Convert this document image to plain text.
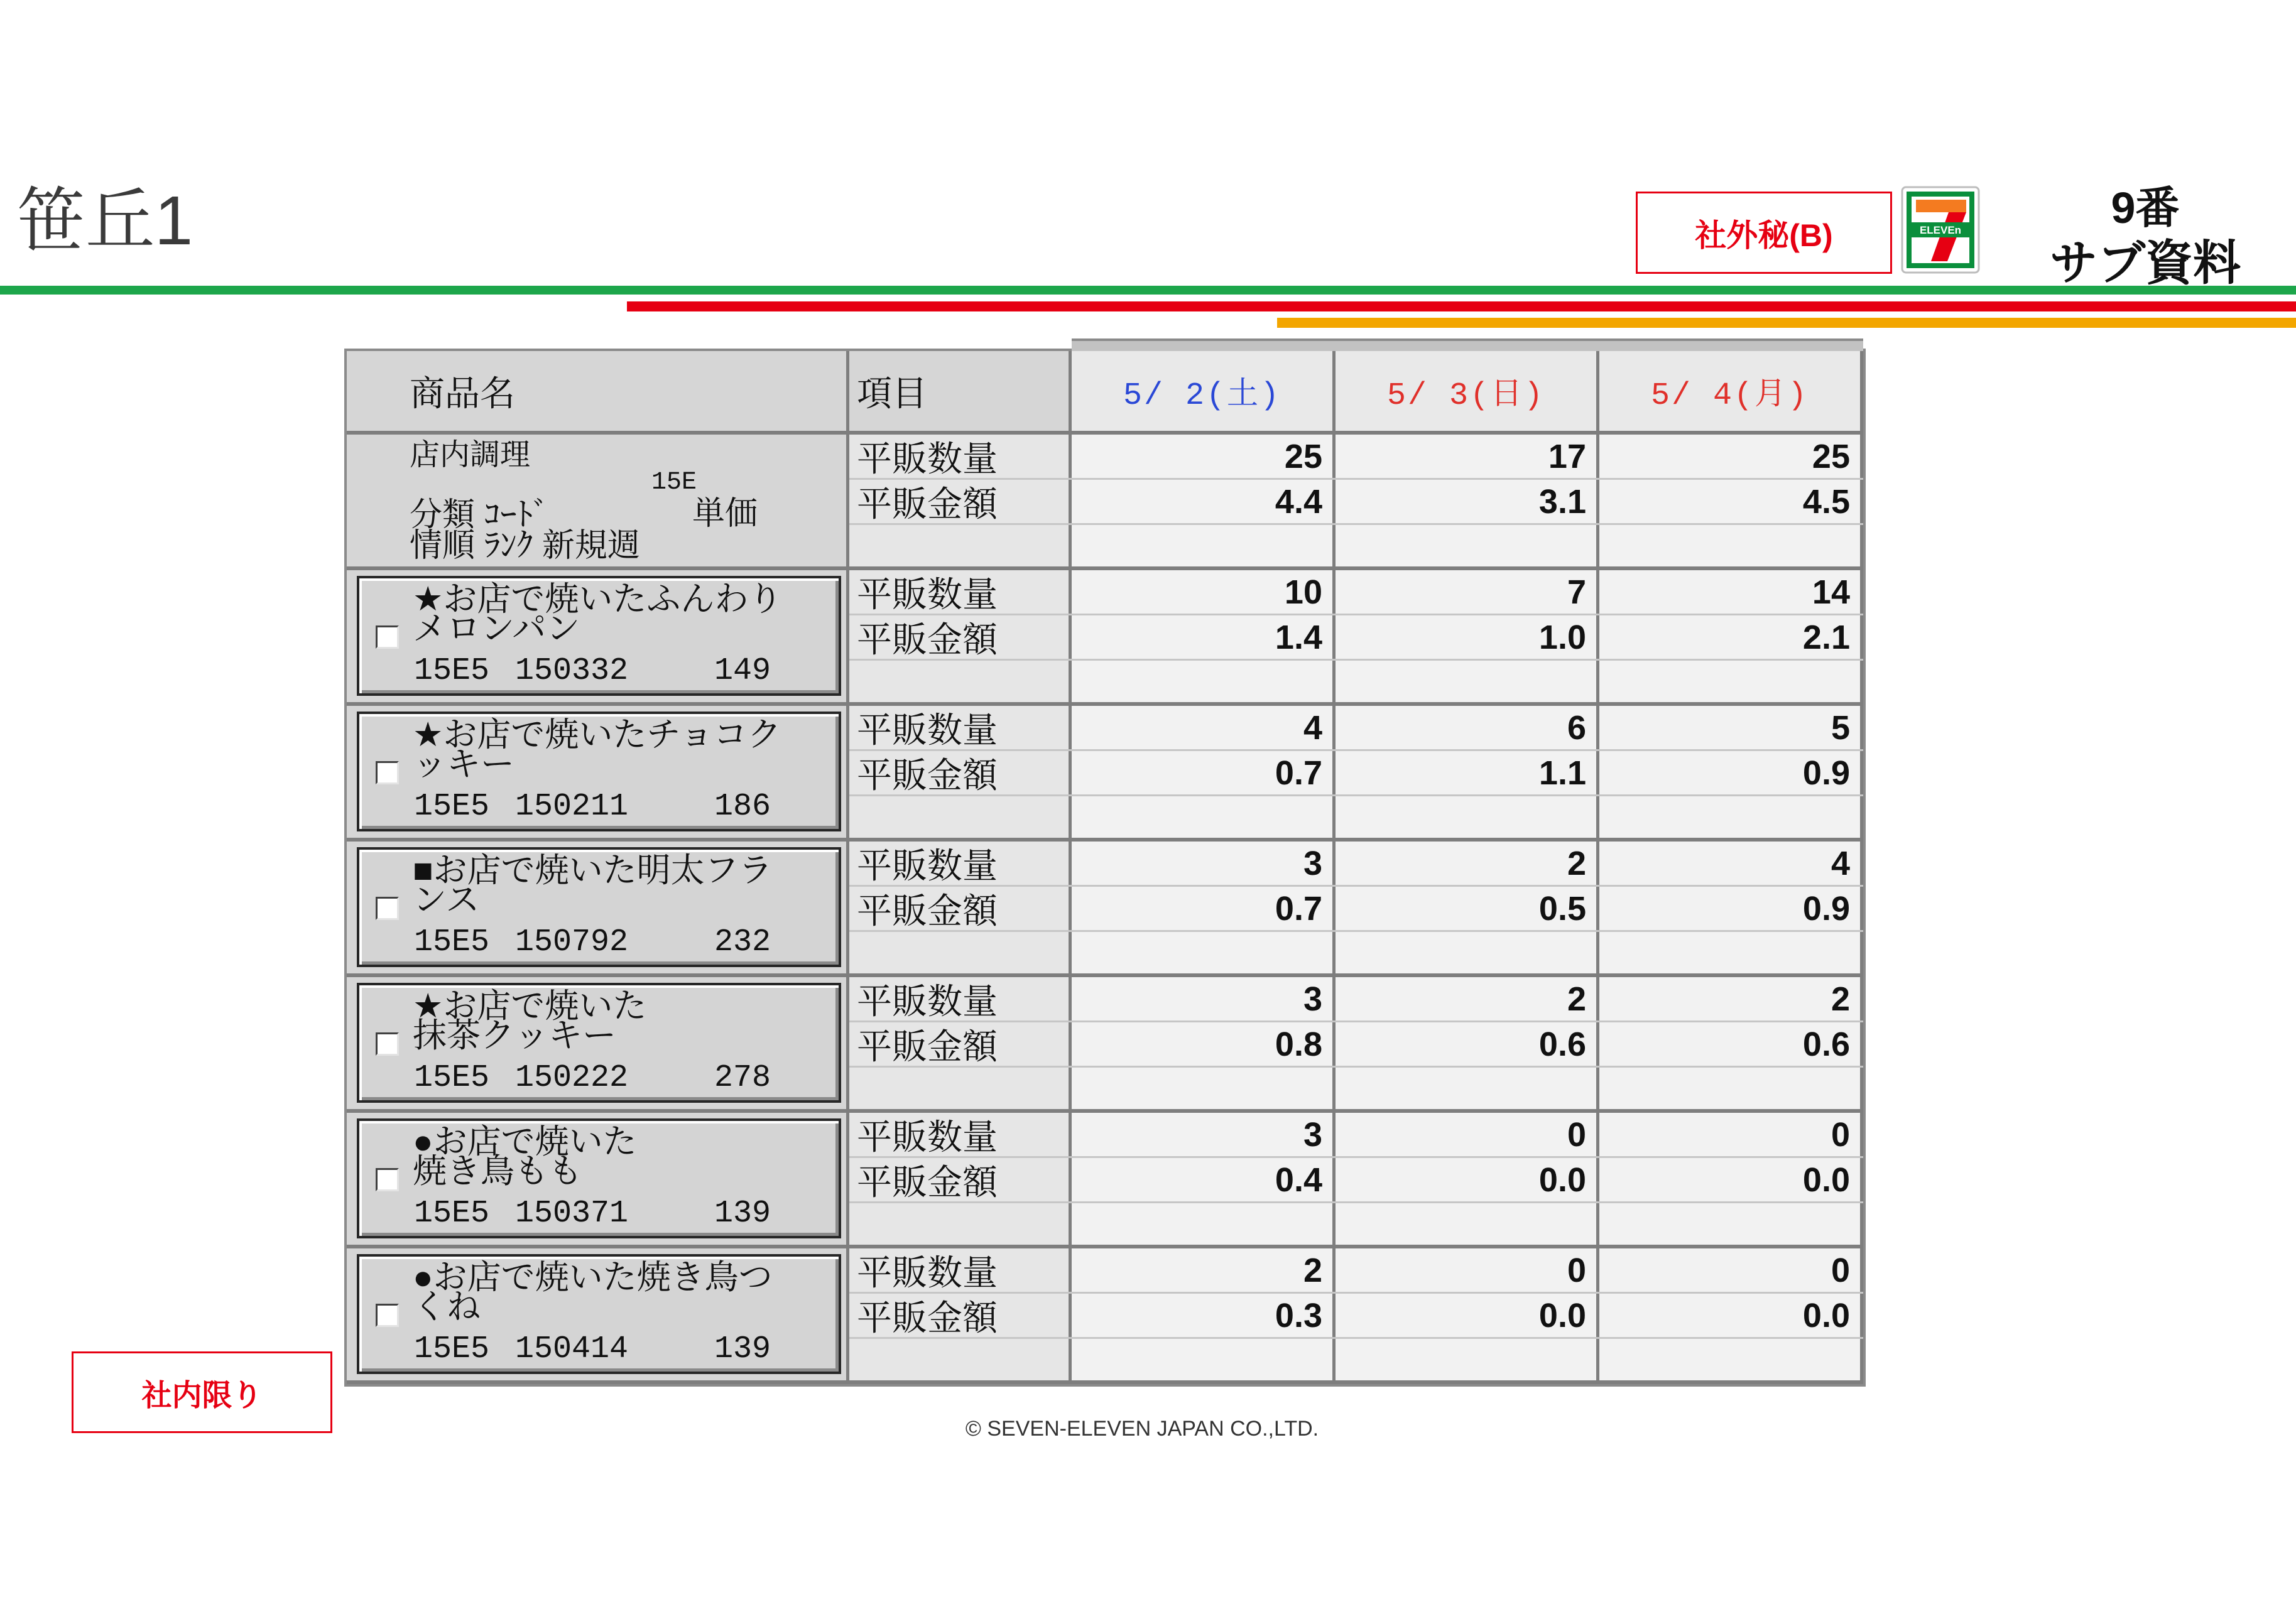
笹丘1	社外秘(B)	ELEVEn	9番
サブ資料
商品名	項目	5/ 2(土)	5/ 3(日)	5/ 4(月)
店内調理
15E
分類 ｺｰﾄﾞ	単価
情順 ﾗﾝｸ 新規週
平販数量	25	17	25
平販金額	4.4	3.1	4.5
★お店で焼いたふんわり
メロンパン
15E5 150332	149
平販数量	10	7	14
平販金額	1.4	1.0	2.1
★お店で焼いたチョコク
ッキー
15E5 150211	186
平販数量	4	6	5
平販金額	0.7	1.1	0.9
■お店で焼いた明太フラ
ンス
15E5 150792	232
平販数量	3	2	4
平販金額	0.7	0.5	0.9
★お店で焼いた
抹茶クッキー
15E5 150222	278
平販数量	3	2	2
平販金額	0.8	0.6	0.6
●お店で焼いた
焼き鳥もも
15E5 150371	139
平販数量	3	0	0
平販金額	0.4	0.0	0.0
●お店で焼いた焼き鳥つ
くね
15E5 150414	139
平販数量	2	0	0
平販金額	0.3	0.0	0.0
社内限り
© SEVEN-ELEVEN JAPAN CO.,LTD.
